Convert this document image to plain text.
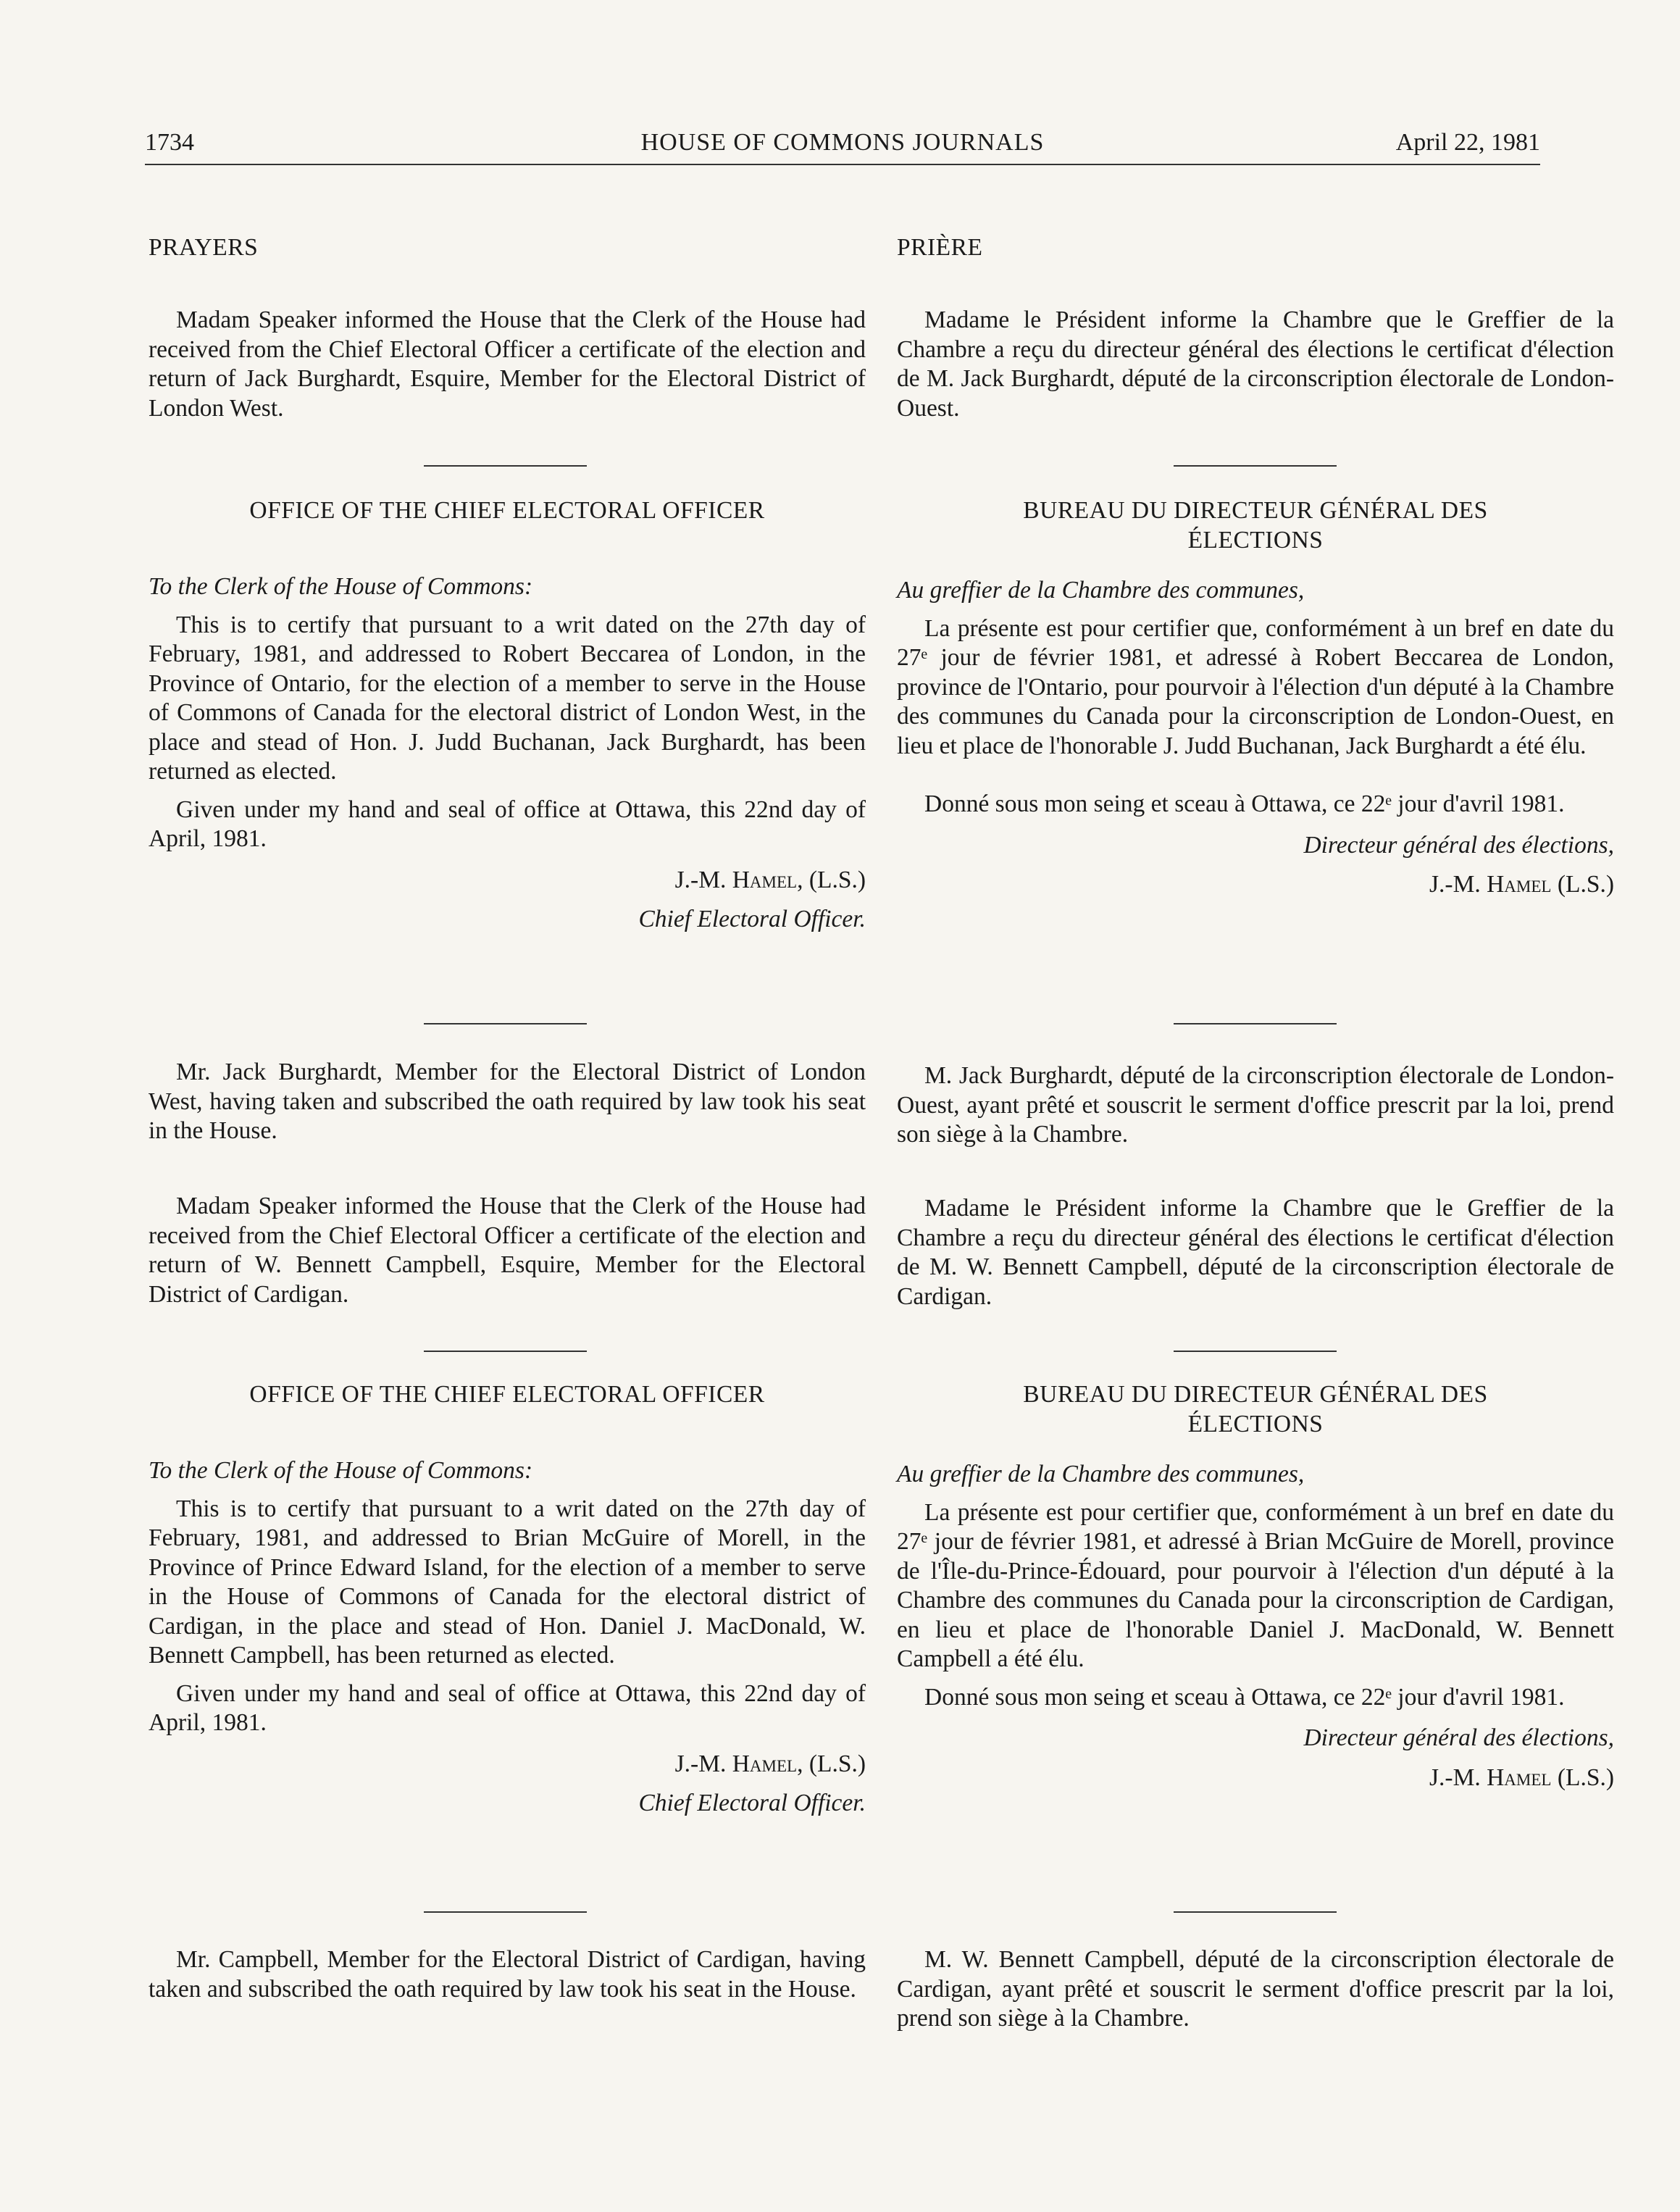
1734	HOUSE OF COMMONS JOURNALS	April 22, 1981

PRAYERS

Madam Speaker informed the House that the Clerk of the House had received from the Chief Electoral Officer a certificate of the election and return of Jack Burghardt, Esquire, Member for the Electoral District of London West.

OFFICE OF THE CHIEF ELECTORAL OFFICER

To the Clerk of the House of Commons:

This is to certify that pursuant to a writ dated on the 27th day of February, 1981, and addressed to Robert Beccarea of London, in the Province of Ontario, for the election of a member to serve in the House of Commons of Canada for the electoral district of London West, in the place and stead of Hon. J. Judd Buchanan, Jack Burghardt, has been returned as elected.

Given under my hand and seal of office at Ottawa, this 22nd day of April, 1981.

J.-M. Hamel, (L.S.)

Chief Electoral Officer.

Mr. Jack Burghardt, Member for the Electoral District of London West, having taken and subscribed the oath required by law took his seat in the House.

Madam Speaker informed the House that the Clerk of the House had received from the Chief Electoral Officer a certificate of the election and return of W. Bennett Campbell, Esquire, Member for the Electoral District of Cardigan.

OFFICE OF THE CHIEF ELECTORAL OFFICER

To the Clerk of the House of Commons:

This is to certify that pursuant to a writ dated on the 27th day of February, 1981, and addressed to Brian McGuire of Morell, in the Province of Prince Edward Island, for the election of a member to serve in the House of Commons of Canada for the electoral district of Cardigan, in the place and stead of Hon. Daniel J. MacDonald, W. Bennett Campbell, has been returned as elected.

Given under my hand and seal of office at Ottawa, this 22nd day of April, 1981.

J.-M. Hamel, (L.S.)

Chief Electoral Officer.

Mr. Campbell, Member for the Electoral District of Cardigan, having taken and subscribed the oath required by law took his seat in the House.

PRIÈRE

Madame le Président informe la Chambre que le Greffier de la Chambre a reçu du directeur général des élections le certificat d'élection de M. Jack Burghardt, député de la circonscription électorale de London-Ouest.

BUREAU DU DIRECTEUR GÉNÉRAL DES

ÉLECTIONS

Au greffier de la Chambre des communes,

La présente est pour certifier que, conformément à un bref en date du 27ᵉ jour de février 1981, et adressé à Robert Beccarea de London, province de l'Ontario, pour pourvoir à l'élection d'un député à la Chambre des communes du Canada pour la circonscription de London-Ouest, en lieu et place de l'honorable J. Judd Buchanan, Jack Burghardt a été élu.

Donné sous mon seing et sceau à Ottawa, ce 22ᵉ jour d'avril 1981.

Directeur général des élections,

J.-M. Hamel (L.S.)

M. Jack Burghardt, député de la circonscription électorale de London-Ouest, ayant prêté et souscrit le serment d'office prescrit par la loi, prend son siège à la Chambre.

Madame le Président informe la Chambre que le Greffier de la Chambre a reçu du directeur général des élections le certificat d'élection de M. W. Bennett Campbell, député de la circonscription électorale de Cardigan.

BUREAU DU DIRECTEUR GÉNÉRAL DES

ÉLECTIONS

Au greffier de la Chambre des communes,

La présente est pour certifier que, conformément à un bref en date du 27ᵉ jour de février 1981, et adressé à Brian McGuire de Morell, province de l'Île-du-Prince-Édouard, pour pourvoir à l'élection d'un député à la Chambre des communes du Canada pour la circonscription de Cardigan, en lieu et place de l'honorable Daniel J. MacDonald, W. Bennett Campbell a été élu.

Donné sous mon seing et sceau à Ottawa, ce 22ᵉ jour d'avril 1981.

Directeur général des élections,

J.-M. Hamel (L.S.)

M. W. Bennett Campbell, député de la circonscription électorale de Cardigan, ayant prêté et souscrit le serment d'office prescrit par la loi, prend son siège à la Chambre.
